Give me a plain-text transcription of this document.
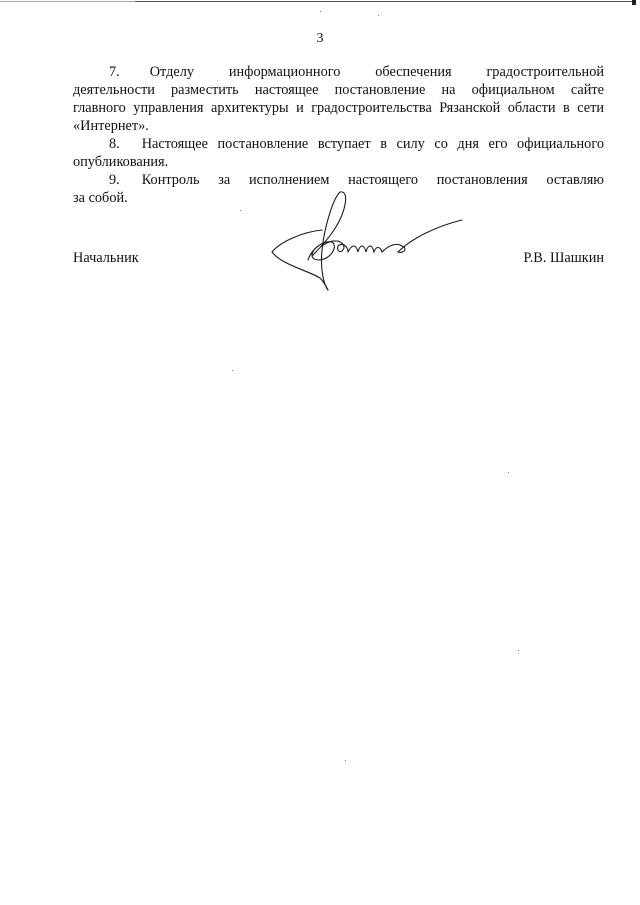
3
7. Отделу информационного обеспечения градостроительной
деятельности разместить настоящее постановление на официальном сайте
главного управления архитектуры и градостроительства Рязанской области в сети
«Интернет».
8. Настоящее постановление вступает в силу со дня его официального
опубликования.
9. Контроль за исполнением настоящего постановления оставляю
за собой.
Начальник	Р.В. Шашкин
